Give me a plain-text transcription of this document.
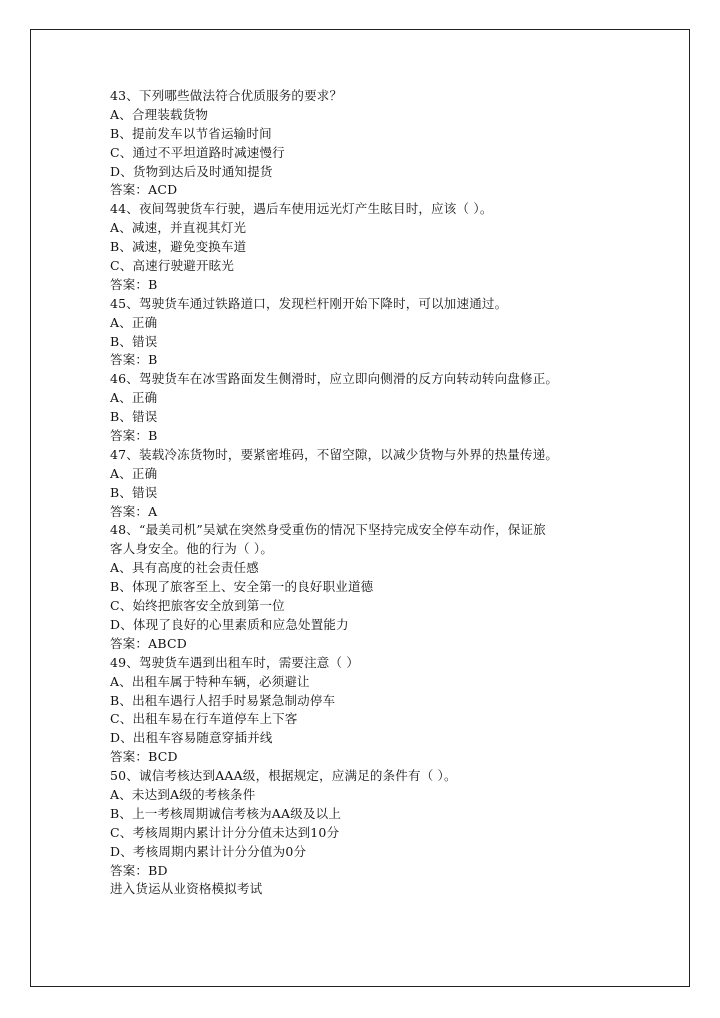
43、下列哪些做法符合优质服务的要求？
A、合理装载货物
B、提前发车以节省运输时间
C、通过不平坦道路时减速慢行
D、货物到达后及时通知提货
答案：ACD
44、夜间驾驶货车行驶，遇后车使用远光灯产生眩目时，应该（ ）。
A、减速，并直视其灯光
B、减速，避免变换车道
C、高速行驶避开眩光
答案：B
45、驾驶货车通过铁路道口，发现栏杆刚开始下降时，可以加速通过。
A、正确
B、错误
答案：B
46、驾驶货车在冰雪路面发生侧滑时，应立即向侧滑的反方向转动转向盘修正。
A、正确
B、错误
答案：B
47、装载冷冻货物时，要紧密堆码，不留空隙，以减少货物与外界的热量传递。
A、正确
B、错误
答案：A
48、“最美司机”吴斌在突然身受重伤的情况下坚持完成安全停车动作，保证旅
客人身安全。他的行为（ ）。
A、具有高度的社会责任感
B、体现了旅客至上、安全第一的良好职业道德
C、始终把旅客安全放到第一位
D、体现了良好的心里素质和应急处置能力
答案：ABCD
49、驾驶货车遇到出租车时，需要注意（ ）
A、出租车属于特种车辆，必须避让
B、出租车遇行人招手时易紧急制动停车
C、出租车易在行车道停车上下客
D、出租车容易随意穿插并线
答案：BCD
50、诚信考核达到AAA级，根据规定，应满足的条件有（ ）。
A、未达到A级的考核条件
B、上一考核周期诚信考核为AA级及以上
C、考核周期内累计计分分值未达到10分
D、考核周期内累计计分分值为0分
答案：BD
进入货运从业资格模拟考试
